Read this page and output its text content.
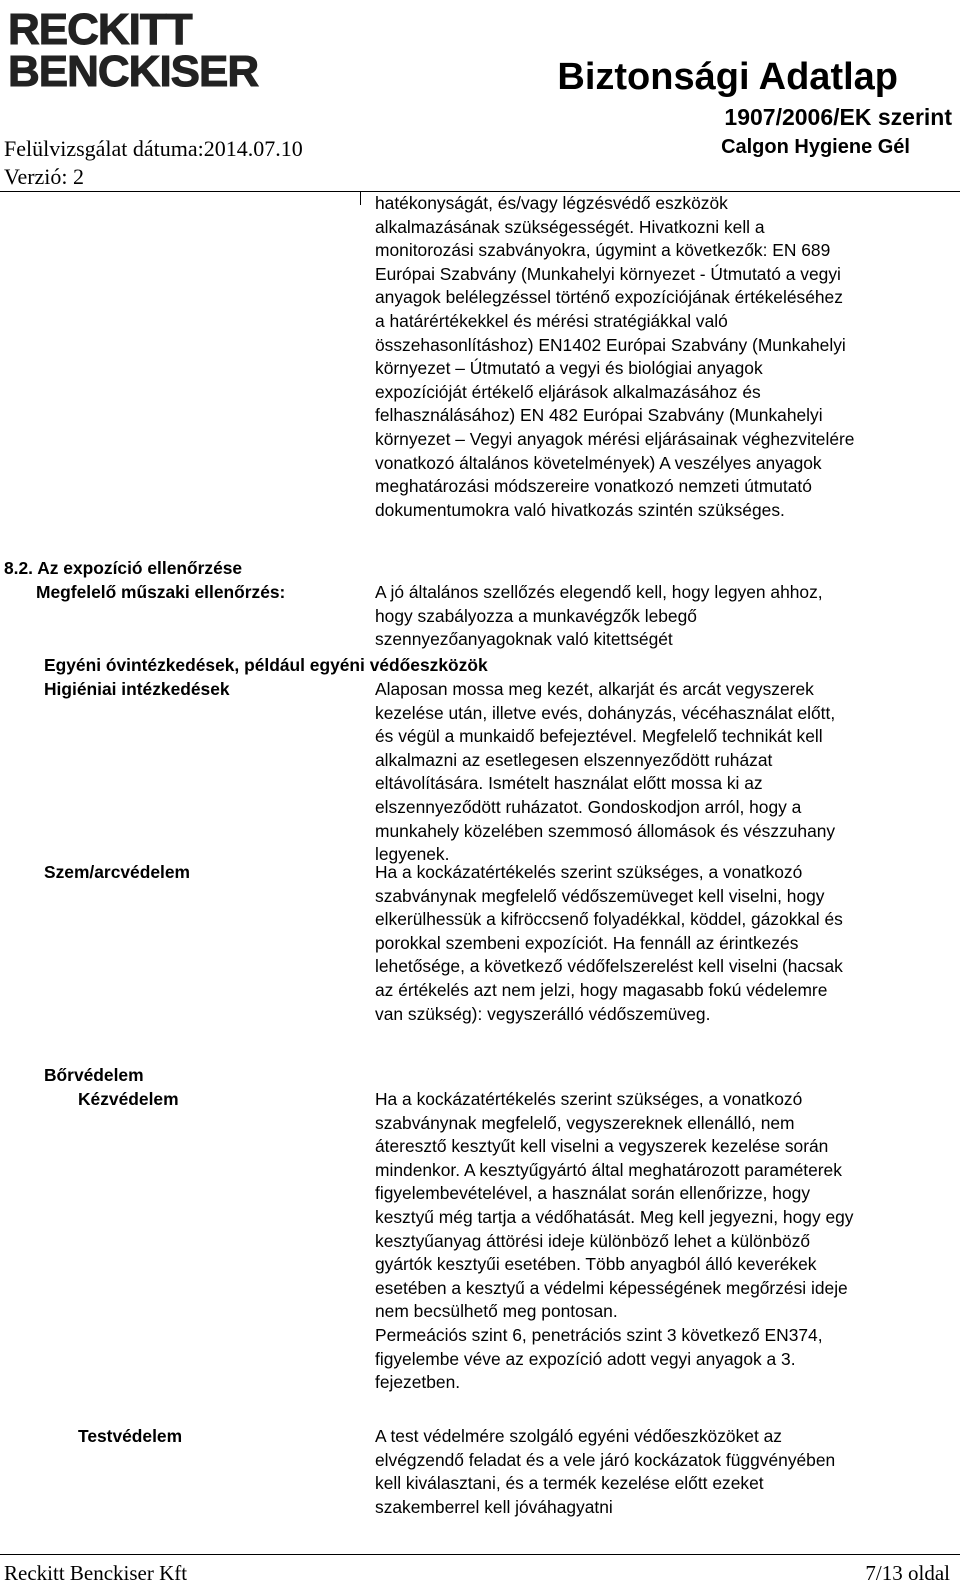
RECKITT
BENCKISER	Biztonsági Adatlap
1907/2006/EK szerint
Calgon Hygiene Gél
Felülvizsgálat dátuma:2014.07.10
Verzió: 2
hatékonyságát, és/vagy légzésvédő eszközök
alkalmazásának szükségességét. Hivatkozni kell a
monitorozási szabványokra, úgymint a következők: EN 689
Európai Szabvány (Munkahelyi környezet - Útmutató a vegyi
anyagok belélegzéssel történő expozíciójának értékeléséhez
a határértékekkel és mérési stratégiákkal való
összehasonlításhoz) EN1402 Európai Szabvány (Munkahelyi
környezet – Útmutató a vegyi és biológiai anyagok
expozícióját értékelő eljárások alkalmazásához és
felhasználásához) EN 482 Európai Szabvány (Munkahelyi
környezet – Vegyi anyagok mérési eljárásainak véghezvitelére
vonatkozó általános követelmények) A veszélyes anyagok
meghatározási módszereire vonatkozó nemzeti útmutató
dokumentumokra való hivatkozás szintén szükséges.
8.2. Az expozíció ellenőrzése
Megfelelő műszaki ellenőrzés:	A jó általános szellőzés elegendő kell, hogy legyen ahhoz,
hogy szabályozza a munkavégzők lebegő
szennyezőanyagoknak való kitettségét
Egyéni óvintézkedések, például egyéni védőeszközök
Higiéniai intézkedések	Alaposan mossa meg kezét, alkarját és arcát vegyszerek
kezelése után, illetve evés, dohányzás, vécéhasználat előtt,
és végül a munkaidő befejeztével. Megfelelő technikát kell
alkalmazni az esetlegesen elszennyeződött ruházat
eltávolítására. Ismételt használat előtt mossa ki az
elszennyeződött ruházatot. Gondoskodjon arról, hogy a
munkahely közelében szemmosó állomások és vészzuhany
legyenek.
Szem/arcvédelem	Ha a kockázatértékelés szerint szükséges, a vonatkozó
szabványnak megfelelő védőszemüveget kell viselni, hogy
elkerülhessük a kifröccsenő folyadékkal, köddel, gázokkal és
porokkal szembeni expozíciót. Ha fennáll az érintkezés
lehetősége, a következő védőfelszerelést kell viselni (hacsak
az értékelés azt nem jelzi, hogy magasabb fokú védelemre
van szükség): vegyszerálló védőszemüveg.
Bőrvédelem
Kézvédelem	Ha a kockázatértékelés szerint szükséges, a vonatkozó
szabványnak megfelelő, vegyszereknek ellenálló, nem
áteresztő kesztyűt kell viselni a vegyszerek kezelése során
mindenkor. A kesztyűgyártó által meghatározott paraméterek
figyelembevételével, a használat során ellenőrizze, hogy
kesztyű még tartja a védőhatását. Meg kell jegyezni, hogy egy
kesztyűanyag áttörési ideje különböző lehet a különböző
gyártók kesztyűi esetében. Több anyagból álló keverékek
esetében a kesztyű a védelmi képességének megőrzési ideje
nem becsülhető meg pontosan.
Permeációs szint 6, penetrációs szint 3 következő EN374,
figyelembe véve az expozíció adott vegyi anyagok a 3.
fejezetben.
Testvédelem	A test védelmére szolgáló egyéni védőeszközöket az
elvégzendő feladat és a vele járó kockázatok függvényében
kell kiválasztani, és a termék kezelése előtt ezeket
szakemberrel kell jóváhagyatni
Reckitt Benckiser Kft	7/13 oldal
